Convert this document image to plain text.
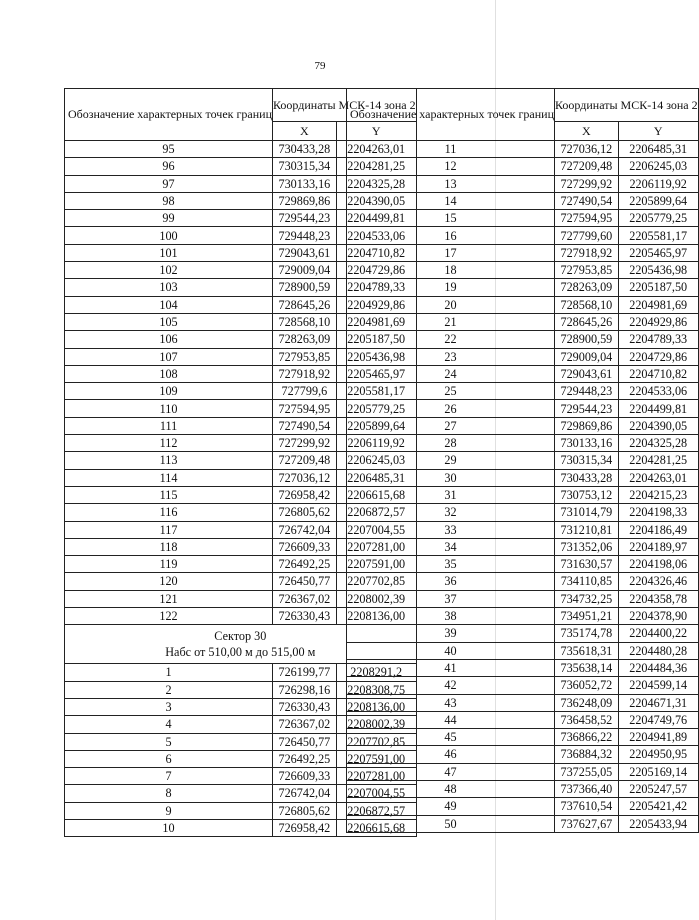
79
Обозначение характерных точек границ	Координаты МСК-14 зона 2	
	X	Y
95	730433,28	2204263,01
96	730315,34	2204281,25
97	730133,16	2204325,28
98	729869,86	2204390,05
99	729544,23	2204499,81
100	729448,23	2204533,06
101	729043,61	2204710,82
102	729009,04	2204729,86
103	728900,59	2204789,33
104	728645,26	2204929,86
105	728568,10	2204981,69
106	728263,09	2205187,50
107	727953,85	2205436,98
108	727918,92	2205465,97
109	727799,6	2205581,17
110	727594,95	2205779,25
111	727490,54	2205899,64
112	727299,92	2206119,92
113	727209,48	2206245,03
114	727036,12	2206485,31
115	726958,42	2206615,68
116	726805,62	2206872,57
117	726742,04	2207004,55
118	726609,33	2207281,00
119	726492,25	2207591,00
120	726450,77	2207702,85
121	726367,02	2208002,39
122	726330,43	2208136,00

Сектор 30
Набс от 510,00 м до 515,00 м		

1	726199,77	2208291,2
2	726298,16	2208308,75
3	726330,43	2208136,00
4	726367,02	2208002,39
5	726450,77	2207702,85
6	726492,25	2207591,00
7	726609,33	2207281,00
8	726742,04	2207004,55
9	726805,62	2206872,57
10	726958,42	2206615,68
Обозначение характерных точек границ	Координаты МСК-14 зона 2	
	X	Y
11	727036,12	2206485,31
12	727209,48	2206245,03
13	727299,92	2206119,92
14	727490,54	2205899,64
15	727594,95	2205779,25
16	727799,60	2205581,17
17	727918,92	2205465,97
18	727953,85	2205436,98
19	728263,09	2205187,50
20	728568,10	2204981,69
21	728645,26	2204929,86
22	728900,59	2204789,33
23	729009,04	2204729,86
24	729043,61	2204710,82
25	729448,23	2204533,06
26	729544,23	2204499,81
27	729869,86	2204390,05
28	730133,16	2204325,28
29	730315,34	2204281,25
30	730433,28	2204263,01
31	730753,12	2204215,23
32	731014,79	2204198,33
33	731210,81	2204186,49
34	731352,06	2204189,97
35	731630,57	2204198,06
36	734110,85	2204326,46
37	734732,25	2204358,78
38	734951,21	2204378,90
39	735174,78	2204400,22
40	735618,31	2204480,28
41	735638,14	2204484,36
42	736052,72	2204599,14
43	736248,09	2204671,31
44	736458,52	2204749,76
45	736866,22	2204941,89
46	736884,32	2204950,95
47	737255,05	2205169,14
48	737366,40	2205247,57
49	737610,54	2205421,42
50	737627,67	2205433,94
